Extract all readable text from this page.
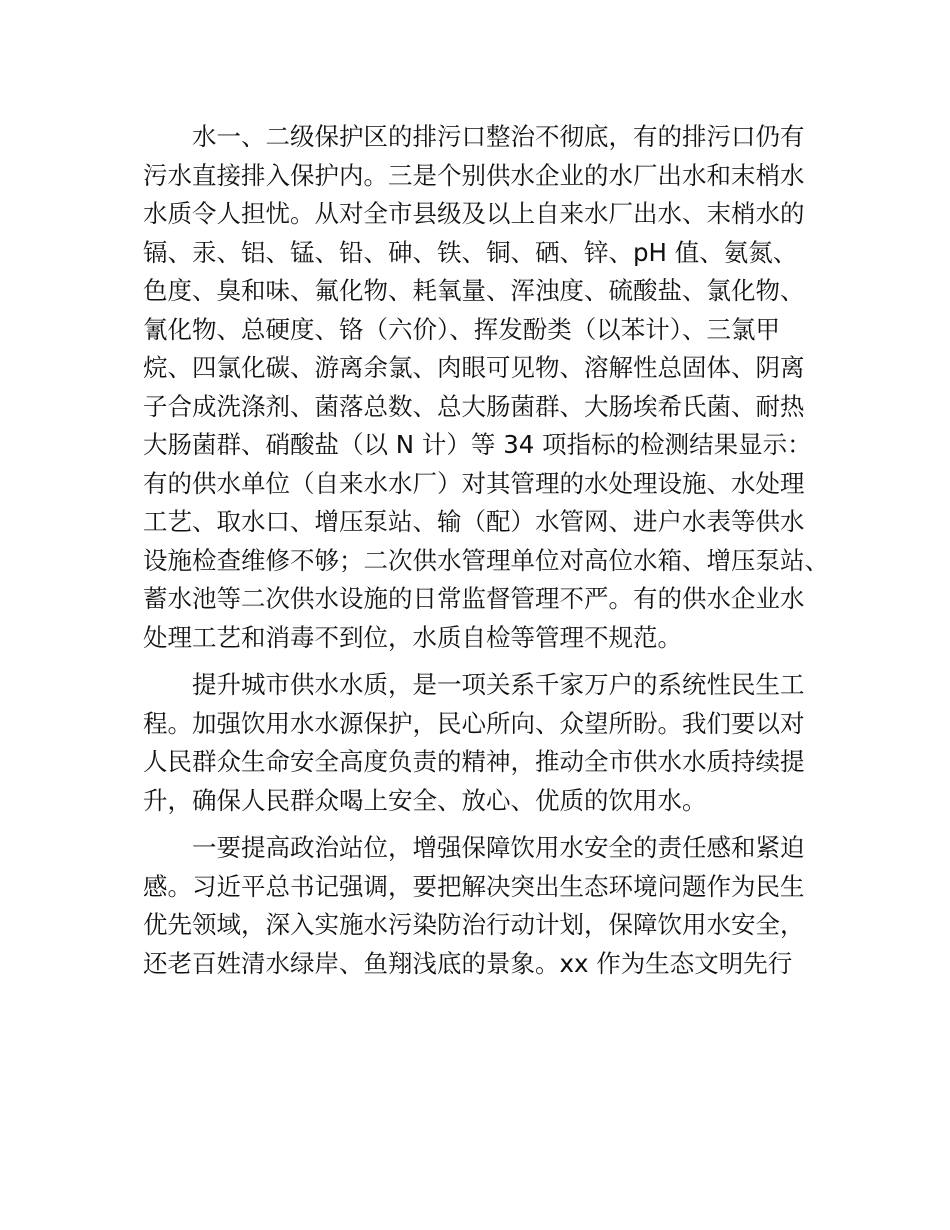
　　水一、二级保护区的排污口整治不彻底，有的排污口仍有
污水直接排入保护内。三是个别供水企业的水厂出水和末梢水
水质令人担忧。从对全市县级及以上自来水厂出水、末梢水的
镉、汞、铝、锰、铅、砷、铁、铜、硒、锌、pH 值、氨氮、
色度、臭和味、氟化物、耗氧量、浑浊度、硫酸盐、氯化物、
氰化物、总硬度、铬（六价）、挥发酚类（以苯计）、三氯甲
烷、四氯化碳、游离余氯、肉眼可见物、溶解性总固体、阴离
子合成洗涤剂、菌落总数、总大肠菌群、大肠埃希氏菌、耐热
大肠菌群、硝酸盐（以 N 计）等 34 项指标的检测结果显示：
有的供水单位（自来水水厂）对其管理的水处理设施、水处理
工艺、取水口、增压泵站、输（配）水管网、进户水表等供水
设施检查维修不够；二次供水管理单位对高位水箱、增压泵站、
蓄水池等二次供水设施的日常监督管理不严。有的供水企业水
处理工艺和消毒不到位，水质自检等管理不规范。
　　提升城市供水水质，是一项关系千家万户的系统性民生工
程。加强饮用水水源保护，民心所向、众望所盼。我们要以对
人民群众生命安全高度负责的精神，推动全市供水水质持续提
升，确保人民群众喝上安全、放心、优质的饮用水。
　　一要提高政治站位，增强保障饮用水安全的责任感和紧迫
感。习近平总书记强调，要把解决突出生态环境问题作为民生
优先领域，深入实施水污染防治行动计划，保障饮用水安全，
还老百姓清水绿岸、鱼翔浅底的景象。xx 作为生态文明先行
